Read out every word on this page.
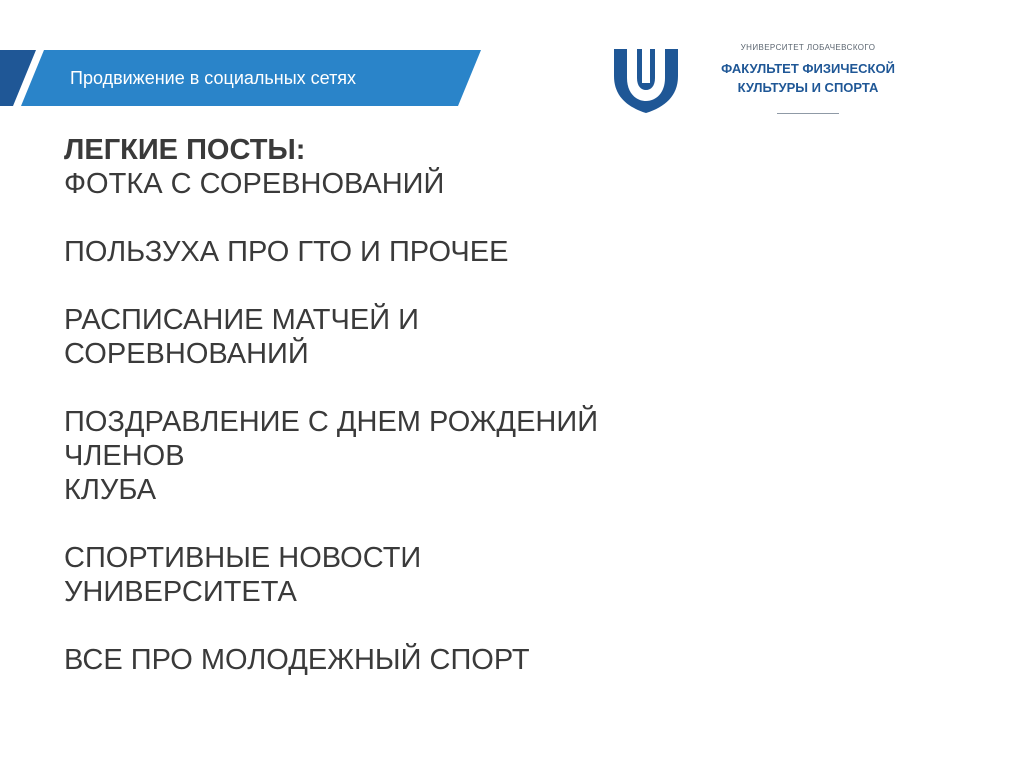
Продвижение в социальных сетях
УНИВЕРСИТЕТ ЛОБАЧЕВСКОГО
ФАКУЛЬТЕТ ФИЗИЧЕСКОЙ
КУЛЬТУРЫ И СПОРТА
ЛЕГКИЕ ПОСТЫ:
ФОТКА С СОРЕВНОВАНИЙ
ПОЛЬЗУХА ПРО ГТО И ПРОЧЕЕ
РАСПИСАНИЕ МАТЧЕЙ И
СОРЕВНОВАНИЙ
ПОЗДРАВЛЕНИЕ С ДНЕМ РОЖДЕНИЙ
ЧЛЕНОВ
КЛУБА
СПОРТИВНЫЕ НОВОСТИ
УНИВЕРСИТЕТА
ВСЕ ПРО МОЛОДЕЖНЫЙ СПОРТ
